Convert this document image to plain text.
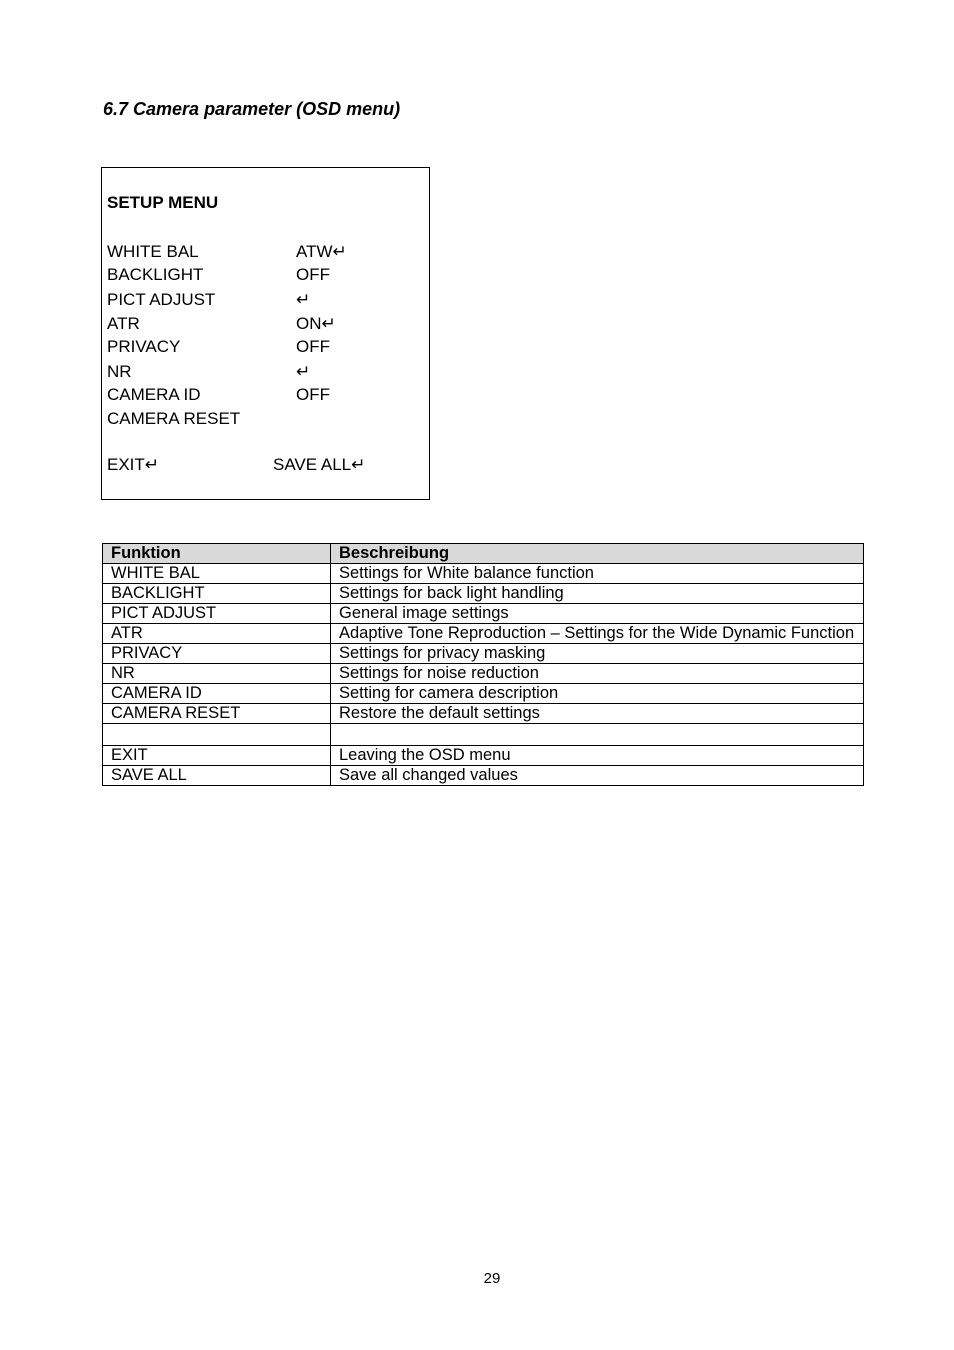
6.7 Camera parameter (OSD menu)
SETUP MENU
WHITE BAL	ATW↵
BACKLIGHT	OFF
PICT ADJUST	↵
ATR	ON↵
PRIVACY	OFF
NR	↵
CAMERA ID	OFF
CAMERA RESET
EXIT↵	SAVE ALL↵
Funktion	Beschreibung
WHITE BAL	Settings for White balance function
BACKLIGHT	Settings for back light handling
PICT ADJUST	General image settings
ATR	Adaptive Tone Reproduction – Settings for the Wide Dynamic Function
PRIVACY	Settings for privacy masking
NR	Settings for noise reduction
CAMERA ID	Setting for camera description
CAMERA RESET	Restore the default settings

EXIT	Leaving the OSD menu
SAVE ALL	Save all changed values
29
